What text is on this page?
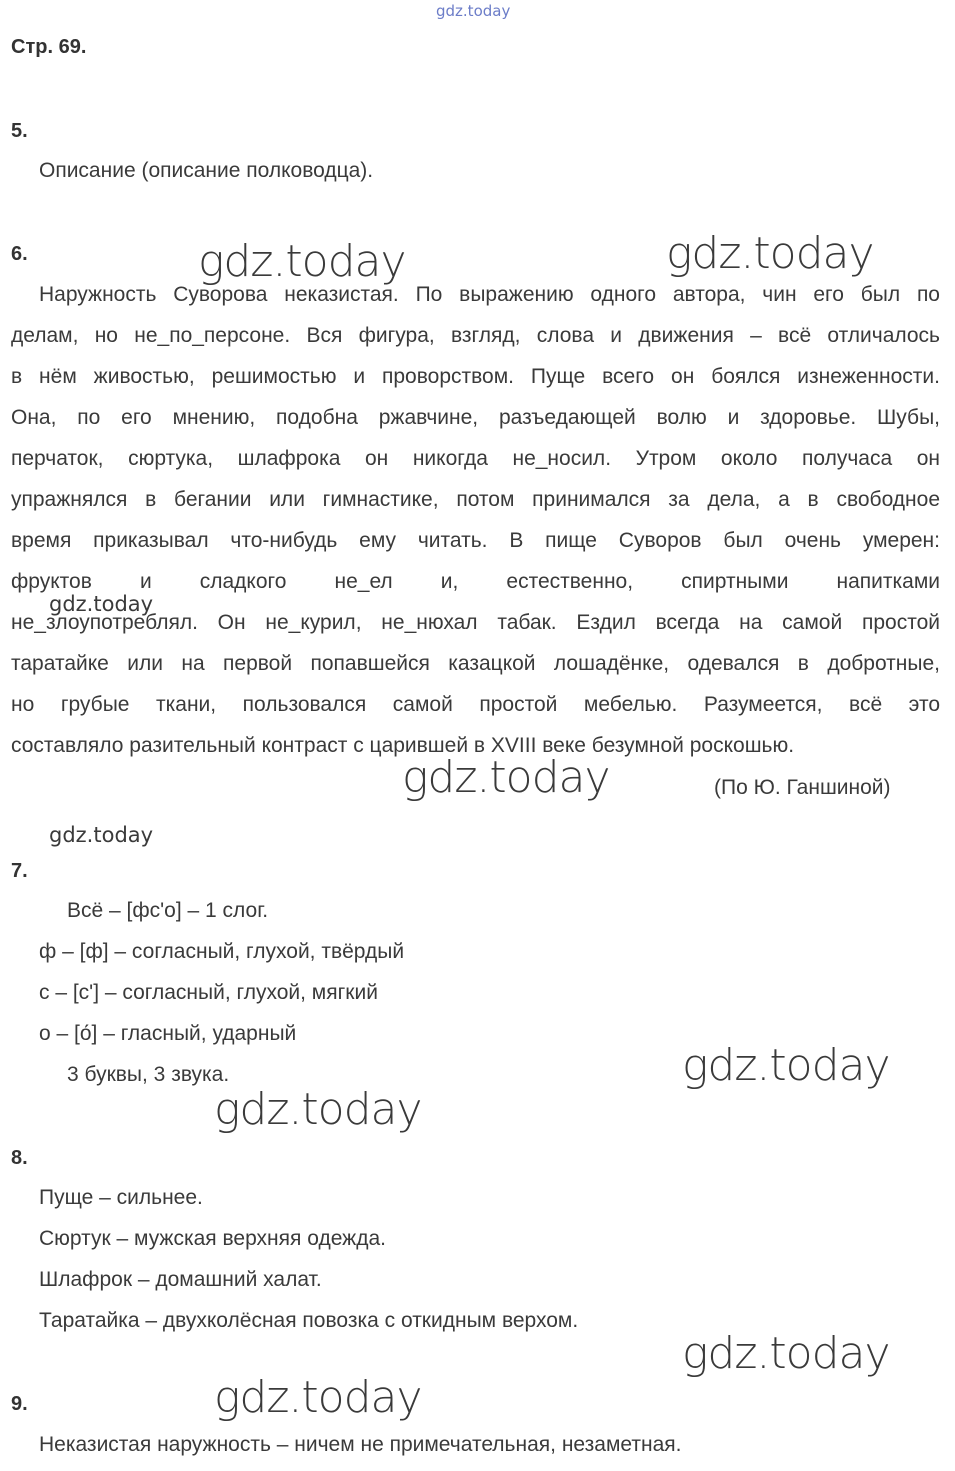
gdz.today
Стр. 69.
5.
Описание (описание полководца).
6.
Наружность Суворова неказистая. По выражению одного автора, чин его был по
делам, но не_по_персоне. Вся фигура, взгляд, слова и движения – всё отличалось
в нём живостью, решимостью и проворством. Пуще всего он боялся изнеженности.
Она, по его мнению, подобна ржавчине, разъедающей волю и здоровье. Шубы,
перчаток, сюртука, шлафрока он никогда не_носил. Утром около получаса он
упражнялся в бегании или гимнастике, потом принимался за дела, а в свободное
время приказывал что-нибудь ему читать. В пище Суворов был очень умерен:
фруктов и сладкого не_ел и, естественно, спиртными напитками
не_злоупотреблял. Он не_курил, не_нюхал табак. Ездил всегда на самой простой
таратайке или на первой попавшейся казацкой лошадёнке, одевался в добротные,
но грубые ткани, пользовался самой простой мебелью. Разумеется, всё это
составляло разительный контраст с царившей в XVIII веке безумной роскошью.
(По Ю. Ганшиной)
7.
Всё – [фс'о] – 1 слог.
ф – [ф] – согласный, глухой, твёрдый
с – [с'] – согласный, глухой, мягкий
о – [о́] – гласный, ударный
3 буквы, 3 звука.
8.
Пуще – сильнее.
Сюртук – мужская верхняя одежда.
Шлафрок – домашний халат.
Таратайка – двухколёсная повозка с откидным верхом.
9.
Неказистая наружность – ничем не примечательная, незаметная.
gdz.today	gdz.today
gdz.today
gdz.today
gdz.today
gdz.today
gdz.today
gdz.today
gdz.today
